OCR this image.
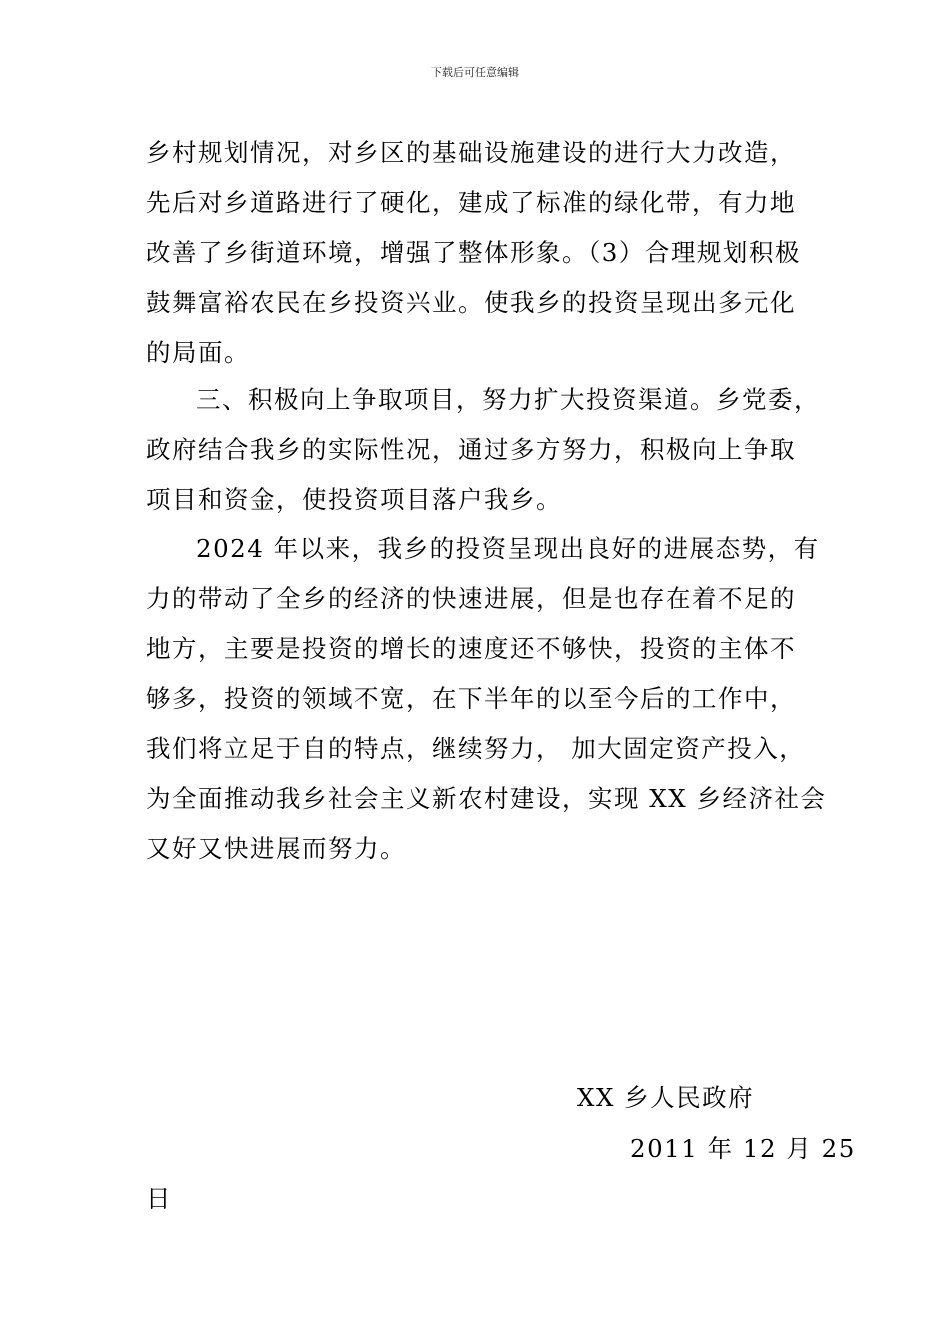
下载后可任意编辑
乡村规划情况，对乡区的基础设施建设的进行大力改造，
先后对乡道路进行了硬化，建成了标准的绿化带，有力地
改善了乡街道环境，增强了整体形象。（3）合理规划积极
鼓舞富裕农民在乡投资兴业。使我乡的投资呈现出多元化
的局面。
三、积极向上争取项目，努力扩大投资渠道。乡党委，
政府结合我乡的实际性况，通过多方努力，积极向上争取
项目和资金，使投资项目落户我乡。
2024 年以来，我乡的投资呈现出良好的进展态势，有
力的带动了全乡的经济的快速进展，但是也存在着不足的
地方，主要是投资的增长的速度还不够快，投资的主体不
够多，投资的领域不宽，在下半年的以至今后的工作中，
我们将立足于自的特点，继续努力， 加大固定资产投入，
为全面推动我乡社会主义新农村建设，实现 XX 乡经济社会
又好又快进展而努力。
XX 乡人民政府
2011 年 12 月 25
日
